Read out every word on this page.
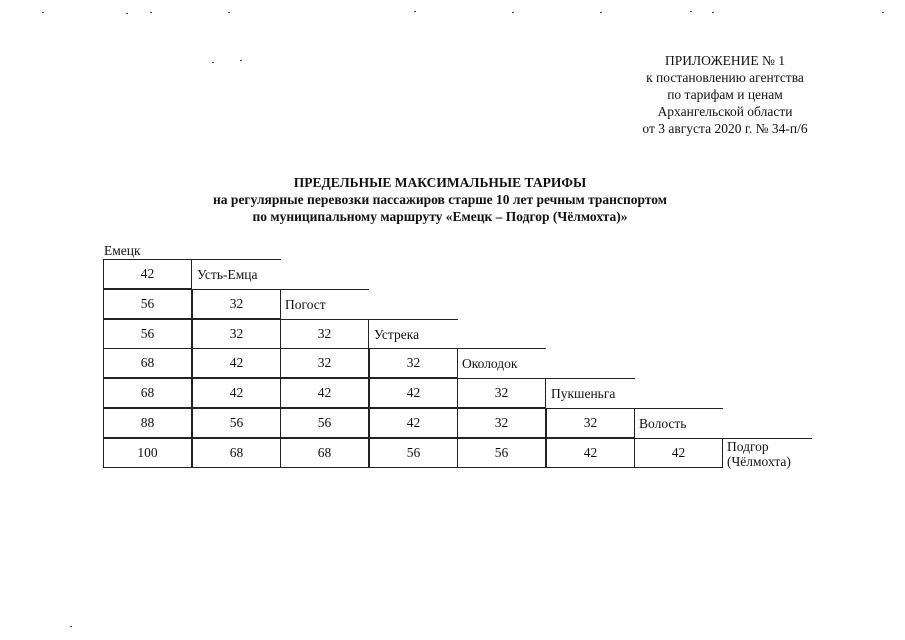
ПРИЛОЖЕНИЕ № 1
к постановлению агентства
по тарифам и ценам
Архангельской области
от 3 августа 2020 г. № 34-п/6
ПРЕДЕЛЬНЫЕ МАКСИМАЛЬНЫЕ ТАРИФЫ
на регулярные перевозки пассажиров старше 10 лет речным транспортом
по муниципальному маршруту «Емецк – Подгор (Чёлмохта)»
Емецк
42	Усть-Емца
56	32	Погост
56	32	32	Устрека
68	42	32	32	Околодок
68	42	42	42	32	Пукшеньга
88	56	56	42	32	32	Волость
100	68	68	56	56	42	42	Подгор
(Чёлмохта)
